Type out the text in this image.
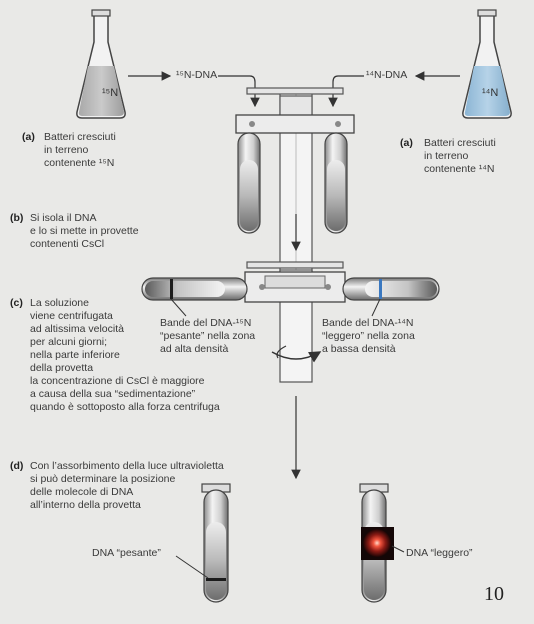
¹⁵N	¹⁴N
¹⁵N-DNA	¹⁴N-DNA
(a) Batteri cresciuti
in terreno
contenente ¹⁵N
(a) Batteri cresciuti
in terreno
contenente ¹⁴N
(b) Si isola il DNA
e lo si mette in provette
contenenti CsCl
(c) La soluzione
viene centrifugata
ad altissima velocità
per alcuni giorni;
nella parte inferiore
della provetta
la concentrazione di CsCl è maggiore
a causa della sua “sedimentazione”
quando è sottoposto alla forza centrifuga
Bande del DNA-¹⁵N
“pesante” nella zona
ad alta densità
Bande del DNA-¹⁴N
“leggero” nella zona
a bassa densità
(d) Con l’assorbimento della luce ultravioletta
si può determinare la posizione
delle molecole di DNA
all’interno della provetta
DNA “pesante”	DNA “leggero”
10
